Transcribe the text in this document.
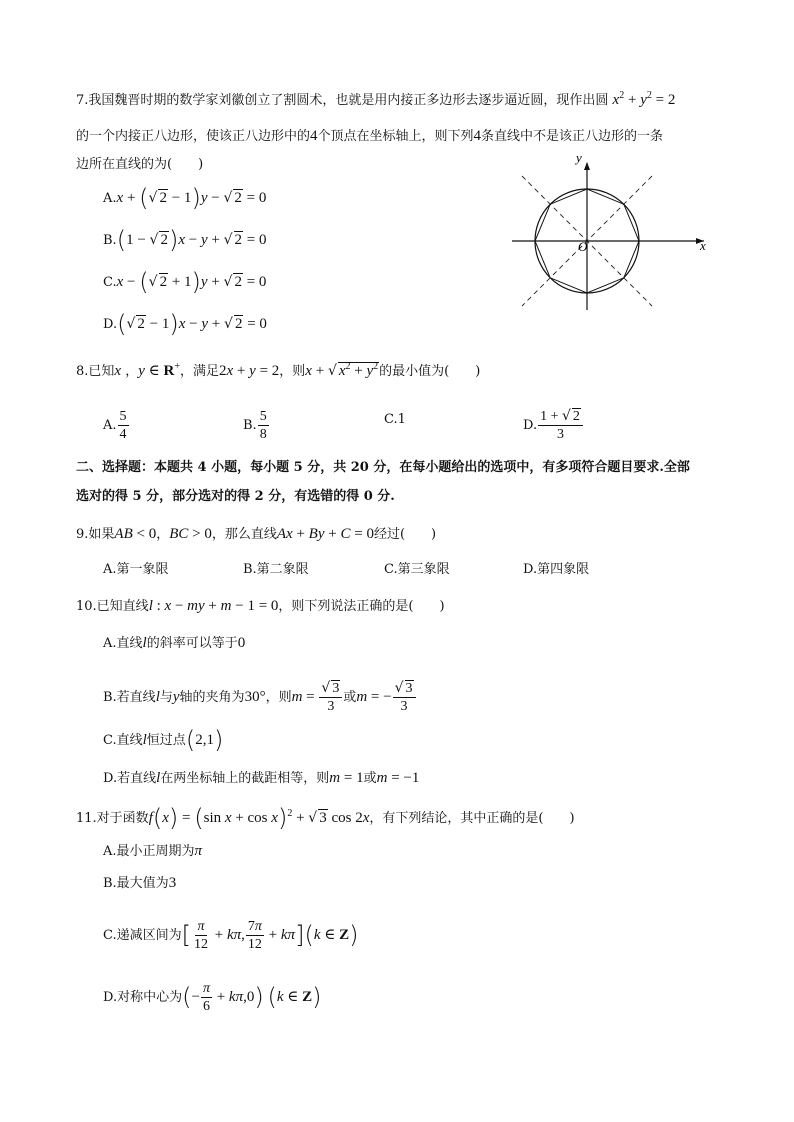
7.我国魏晋时期的数学家刘徽创立了割圆术，也就是用内接正多边形去逐步逼近圆，现作出圆 $x^2 + y^2 = 2$
的一个内接正八边形，使该正八边形中的4个顶点在坐标轴上，则下列4条直线中不是该正八边形的一条
边所在直线的为(　　)
A.x + (√ 2 − 1)y − √ 2 = 0
B.(1 − √ 2)x − y + √ 2 = 0
C.x − (√ 2 + 1)y + √ 2 = 0
D.(√ 2 − 1)x − y + √ 2 = 0
x
y
O
8.已知x ，y ∈ R+，满足2x + y = 2，则x + √ $x^2 + y^2$的最小值为(　　)
A. $\frac{5}{4}$	B. $\frac{5}{8}$	C.1	D. $\frac{1 + √ 2}{3}$
二、选择题：本题共 4 小题，每小题 5 分，共 20 分，在每小题给出的选项中，有多项符合题目要求.全部
选对的得 5 分，部分选对的得 2 分，有选错的得 0 分.
9.如果AB < 0，BC > 0，那么直线Ax + By + C = 0经过(　　)
A.第一象限	B.第二象限	C.第三象限	D.第四象限
10.已知直线l : x − my + m − 1 = 0，则下列说法正确的是(　　)
A.直线l的斜率可以等于0
B.若直线l与y轴的夹角为30°，则$m = \frac{√ 3}{3}$ 或m = − $\frac{√ 3}{3}$
C.直线l恒过点(2,1)
D.若直线l在两坐标轴上的截距相等，则m = 1或m = −1
11.对于函数f(x) = (sin x + cos x)$^2$ + √ 3 cos 2x，有下列结论，其中正确的是(　　)
A.最小正周期为π
B.最大值为3
C.递减区间为[ $\frac{\pi}{12} + k\pi$, $\frac{7\pi}{12} + k\pi](k$ ∈ Z)
D.对称中心为(− $\frac{\pi}{6} + k\pi,0$) (k ∈ Z)
